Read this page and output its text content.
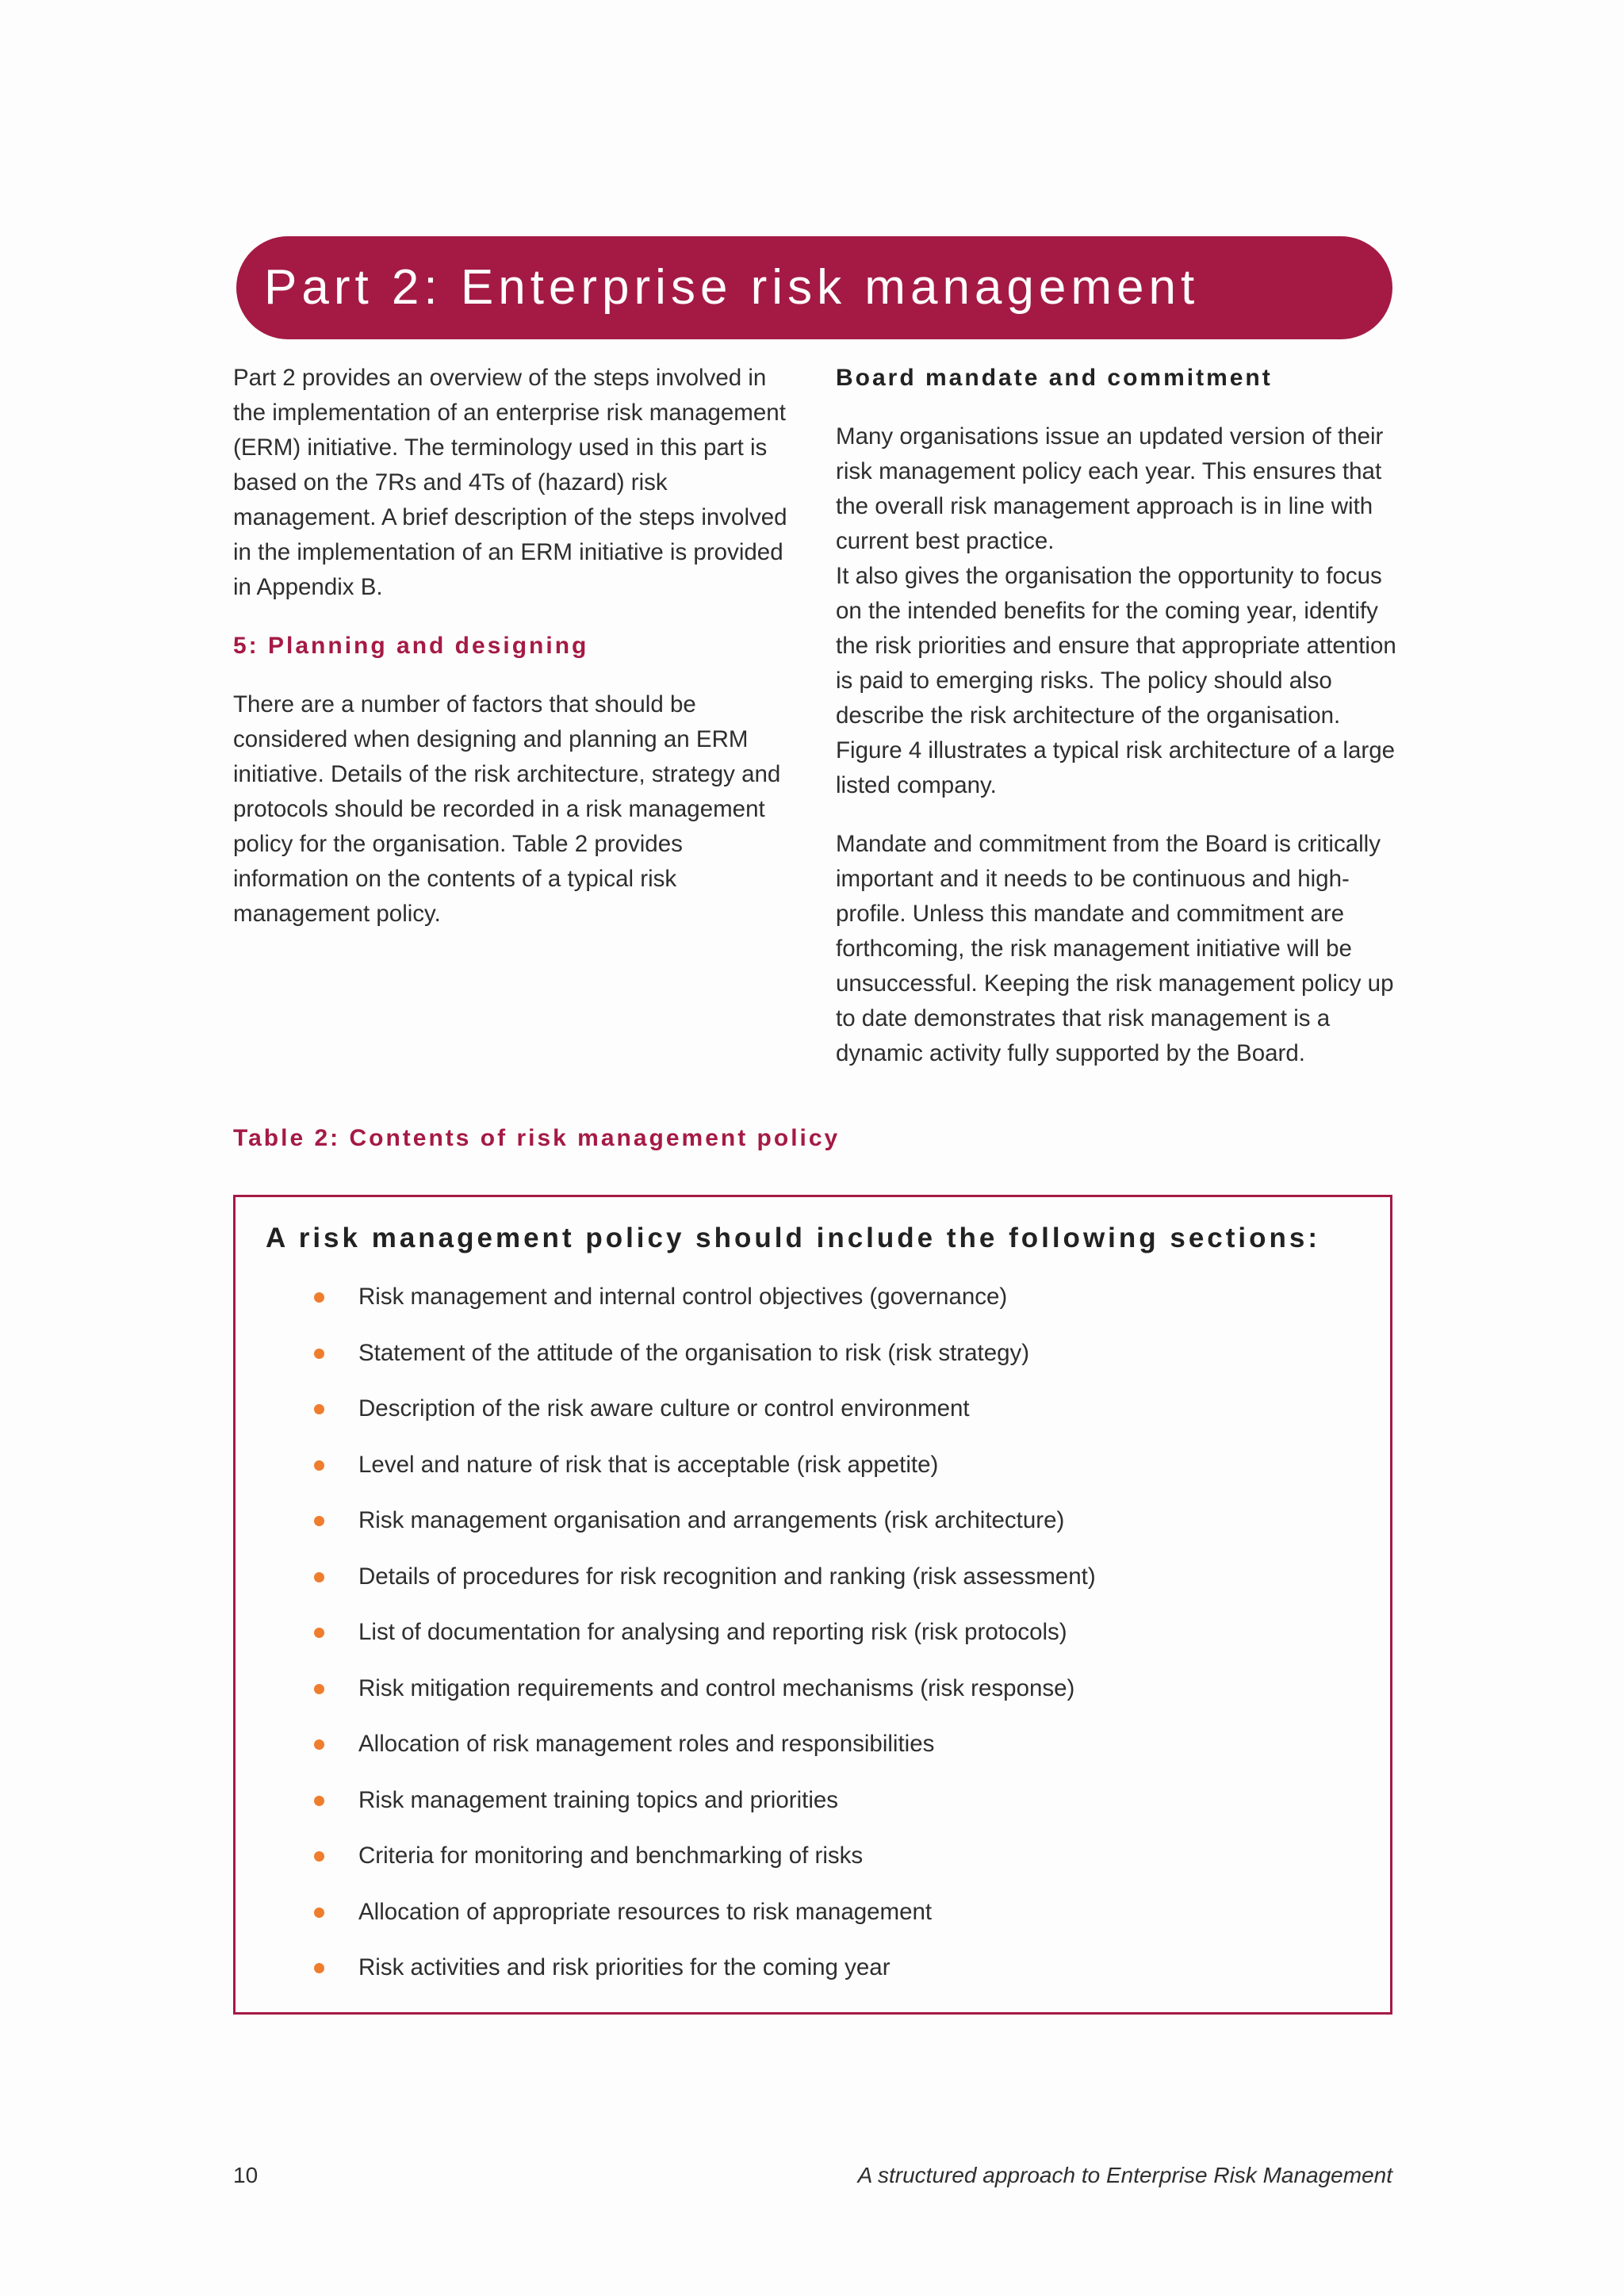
Part 2: Enterprise risk management

Part 2 provides an overview of the steps involved in the implementation of an enterprise risk management (ERM) initiative. The terminology used in this part is based on the 7Rs and 4Ts of (hazard) risk management. A brief description of the steps involved in the implementation of an ERM initiative is provided in Appendix B.

5: Planning and designing

There are a number of factors that should be considered when designing and planning an ERM initiative. Details of the risk architecture, strategy and protocols should be recorded in a risk management policy for the organisation. Table 2 provides information on the contents of a typical risk management policy.

Board mandate and commitment

Many organisations issue an updated version of their risk management policy each year. This ensures that the overall risk management approach is in line with current best practice.

It also gives the organisation the opportunity to focus on the intended benefits for the coming year, identify the risk priorities and ensure that appropriate attention is paid to emerging risks. The policy should also describe the risk architecture of the organisation. Figure 4 illustrates a typical risk architecture of a large listed company.

Mandate and commitment from the Board is critically important and it needs to be continuous and high-profile. Unless this mandate and commitment are forthcoming, the risk management initiative will be unsuccessful. Keeping the risk management policy up to date demonstrates that risk management is a dynamic activity fully supported by the Board.

Table 2: Contents of risk management policy
A risk management policy should include the following sections:
Risk management and internal control objectives (governance)
Statement of the attitude of the organisation to risk (risk strategy)
Description of the risk aware culture or control environment
Level and nature of risk that is acceptable (risk appetite)
Risk management organisation and arrangements (risk architecture)
Details of procedures for risk recognition and ranking (risk assessment)
List of documentation for analysing and reporting risk (risk protocols)
Risk mitigation requirements and control mechanisms (risk response)
Allocation of risk management roles and responsibilities
Risk management training topics and priorities
Criteria for monitoring and benchmarking of risks
Allocation of appropriate resources to risk management
Risk activities and risk priorities for the coming year
10	A structured approach to Enterprise Risk Management
